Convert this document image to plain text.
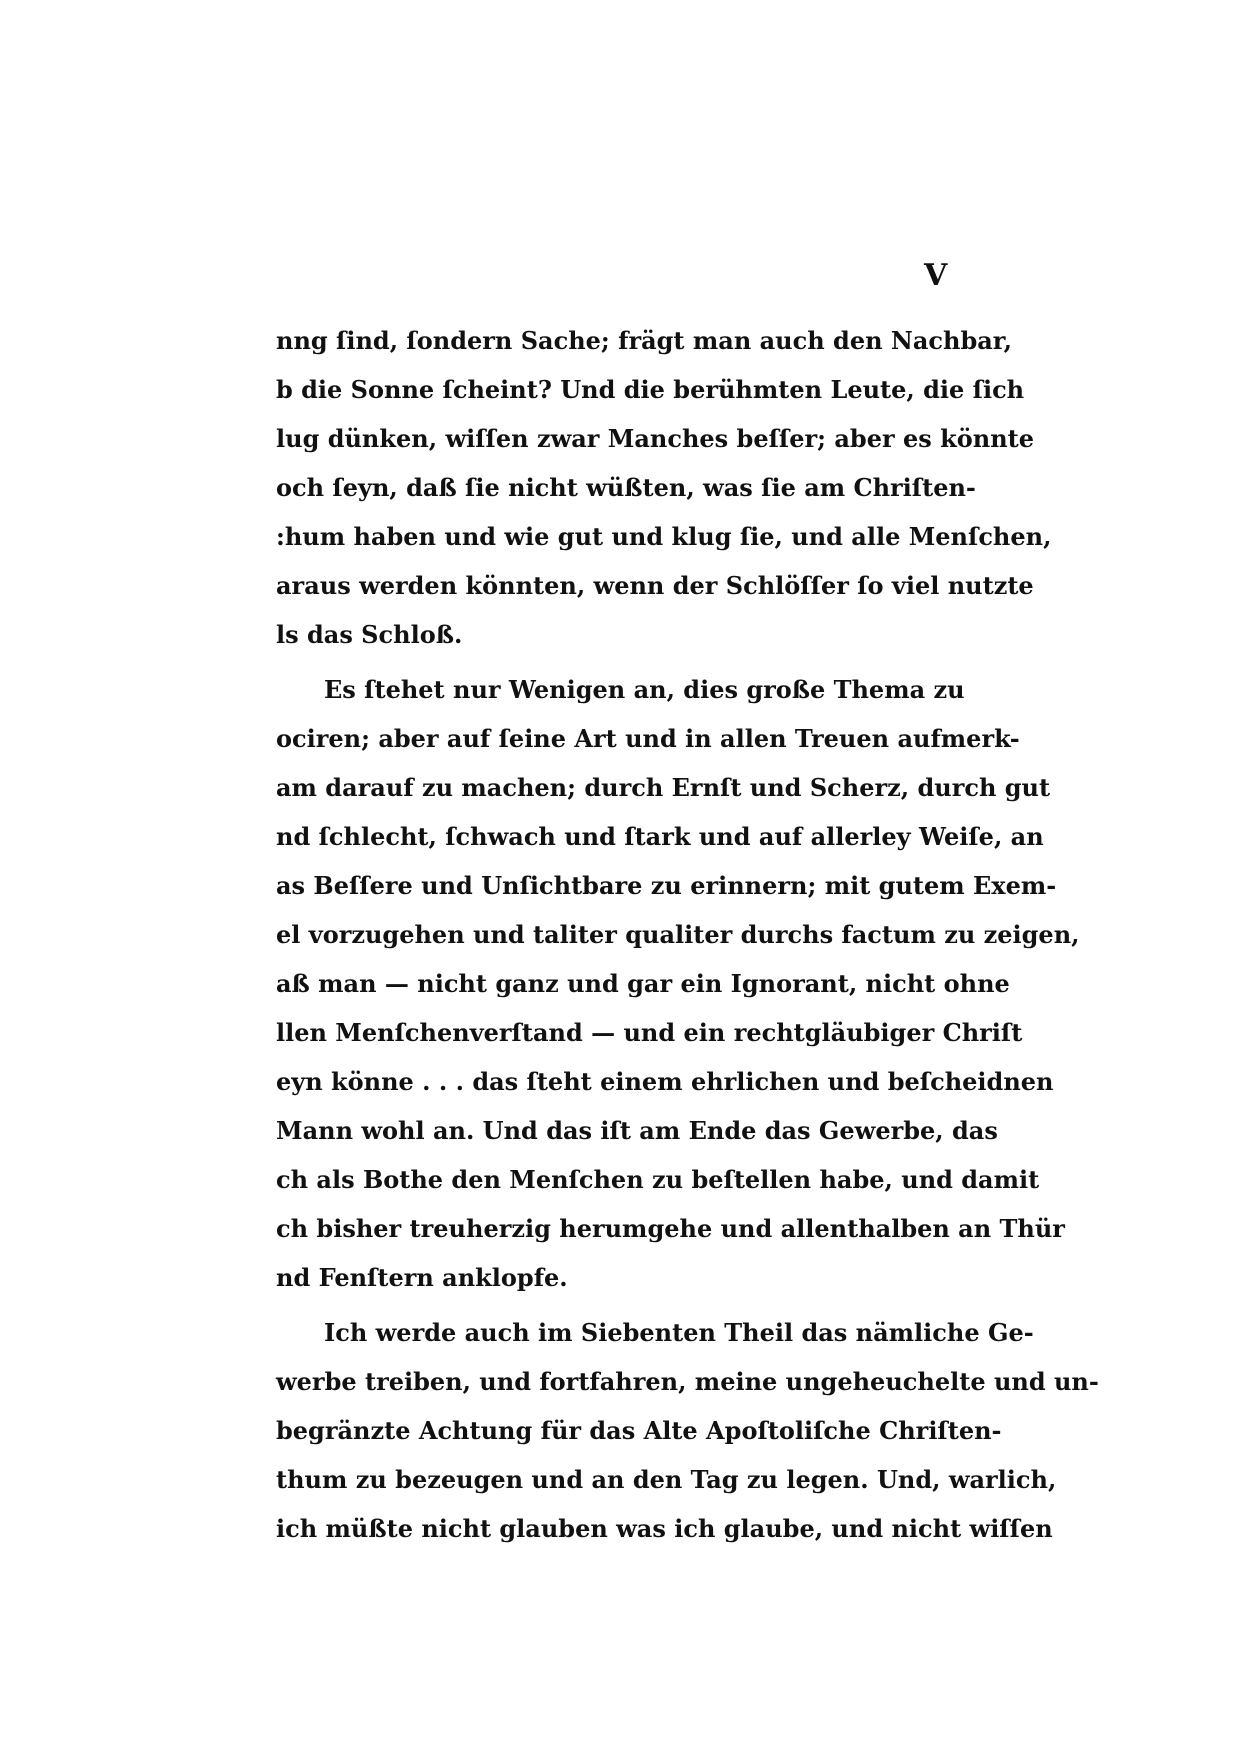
V
nng ſind, ſondern Sache; frägt man auch den Nachbar,
b die Sonne ſcheint? Und die berühmten Leute, die ſich
lug dünken, wiſſen zwar Manches beſſer; aber es könnte
och ſeyn, daß ſie nicht wüßten, was ſie am Chriſten-
:hum haben und wie gut und klug ſie, und alle Menſchen,
araus werden könnten, wenn der Schlöſſer ſo viel nutzte
ls das Schloß.
Es ſtehet nur Wenigen an, dies große Thema zu
ociren; aber auf ſeine Art und in allen Treuen aufmerk-
am darauf zu machen; durch Ernſt und Scherz, durch gut
nd ſchlecht, ſchwach und ſtark und auf allerley Weiſe, an
as Beſſere und Unſichtbare zu erinnern; mit gutem Exem-
el vorzugehen und taliter qualiter durchs factum zu zeigen,
aß man — nicht ganz und gar ein Ignorant, nicht ohne
llen Menſchenverſtand — und ein rechtgläubiger Chriſt
eyn könne . . . das ſteht einem ehrlichen und beſcheidnen
Mann wohl an. Und das iſt am Ende das Gewerbe, das
ch als Bothe den Menſchen zu beſtellen habe, und damit
ch bisher treuherzig herumgehe und allenthalben an Thür
nd Fenſtern anklopfe.
Ich werde auch im Siebenten Theil das nämliche Ge-
werbe treiben, und fortfahren, meine ungeheuchelte und un-
begränzte Achtung für das Alte Apoſtoliſche Chriſten-
thum zu bezeugen und an den Tag zu legen. Und, warlich,
ich müßte nicht glauben was ich glaube, und nicht wiſſen
